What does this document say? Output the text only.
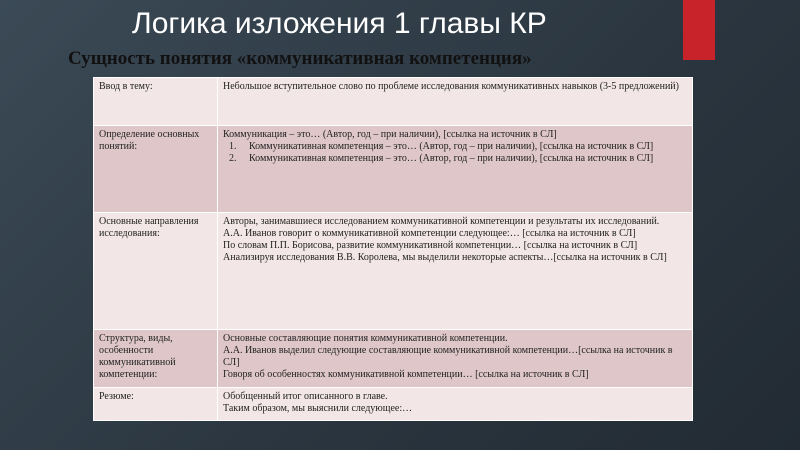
Логика изложения 1 главы КР
Сущность понятия «коммуникативная компетенция»
Ввод в тему:	Небольшое вступительное слово по проблеме исследования коммуникативных навыков (3-5 предложений)

Определение основных понятий:	Коммуникация – это… (Автор, год – при наличии), [ссылка на источник в СЛ]
1. Коммуникативная компетенция – это… (Автор, год – при наличии), [ссылка на источник в СЛ]
2. Коммуникативная компетенция – это… (Автор, год – при наличии), [ссылка на источник в СЛ]

Основные направления исследования:	Авторы, занимавшиеся исследованием коммуникативной компетенции и результаты их исследований.
А.А. Иванов говорит о коммуникативной компетенции следующее:… [ссылка на источник в СЛ]
По словам П.П. Борисова, развитие коммуникативной компетенции… [ссылка на источник в СЛ]
Анализируя исследования В.В. Королева, мы выделили некоторые аспекты…[ссылка на источник в СЛ]

Структура, виды, особенности коммуникативной компетенции:	Основные составляющие понятия коммуникативной компетенции.
А.А. Иванов выделил следующие составляющие коммуникативной компетенции…[ссылка на источник в СЛ]
Говоря об особенностях коммуникативной компетенции… [ссылка на источник в СЛ]

Резюме:	Обобщенный итог описанного в главе.
Таким образом, мы выяснили следующее:…
